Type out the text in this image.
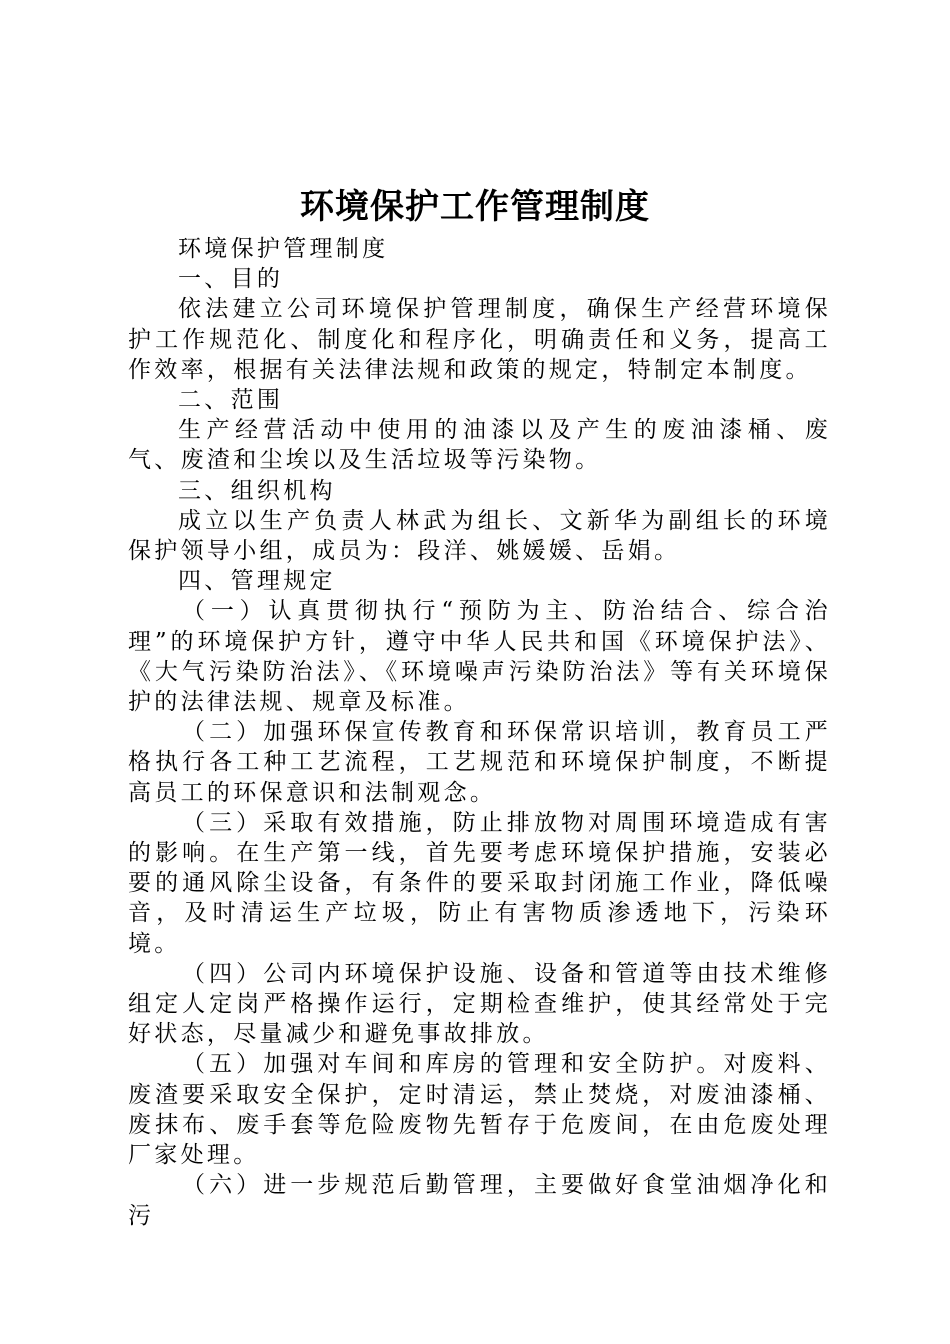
环境保护工作管理制度

环境保护管理制度

一、目的

依法建立公司环境保护管理制度，确保生产经营环境保护工作规范化、制度化和程序化，明确责任和义务，提高工作效率，根据有关法律法规和政策的规定，特制定本制度。

二、范围

生产经营活动中使用的油漆以及产生的废油漆桶、废气、废渣和尘埃以及生活垃圾等污染物。

三、组织机构

成立以生产负责人林武为组长、文新华为副组长的环境保护领导小组，成员为：段洋、姚媛媛、岳娟。

四、管理规定

（一）认真贯彻执行“预防为主、防治结合、综合治理”的环境保护方针，遵守中华人民共和国《环境保护法》、《大气污染防治法》、《环境噪声污染防治法》等有关环境保护的法律法规、规章及标准。

（二）加强环保宣传教育和环保常识培训，教育员工严格执行各工种工艺流程，工艺规范和环境保护制度，不断提高员工的环保意识和法制观念。

（三）采取有效措施，防止排放物对周围环境造成有害的影响。在生产第一线，首先要考虑环境保护措施，安装必要的通风除尘设备，有条件的要采取封闭施工作业，降低噪音，及时清运生产垃圾，防止有害物质渗透地下，污染环境。

（四）公司内环境保护设施、设备和管道等由技术维修组定人定岗严格操作运行，定期检查维护，使其经常处于完好状态，尽量减少和避免事故排放。

（五）加强对车间和库房的管理和安全防护。对废料、废渣要采取安全保护，定时清运，禁止焚烧，对废油漆桶、废抹布、废手套等危险废物先暂存于危废间，在由危废处理厂家处理。

（六）进一步规范后勤管理，主要做好食堂油烟净化和污
